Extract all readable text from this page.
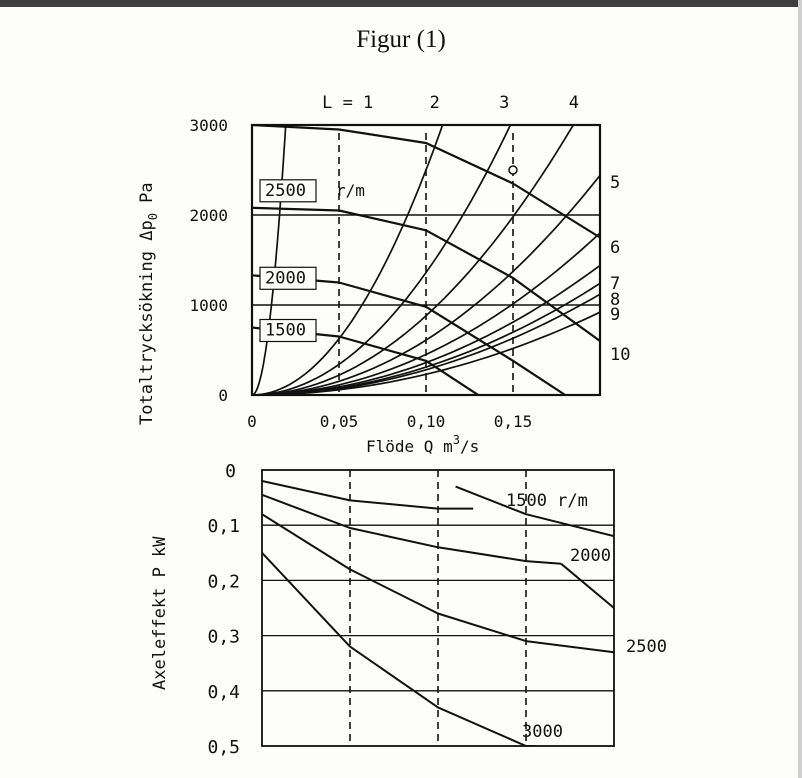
Figur (1)
0
1000
2000
3000
0	0,05	0,10	0,15
1500
2000
2500 r/m
L = 1	2	3	4
5
6
7
8
9
10
0
0,1
0,2
0,3
0,4
0,5
1500 r/m
2000
2500
3000
Totaltrycksökning $\Delta p_0$ Pa
Axeleffekt P kW
Flöde Q $m^3/s$
